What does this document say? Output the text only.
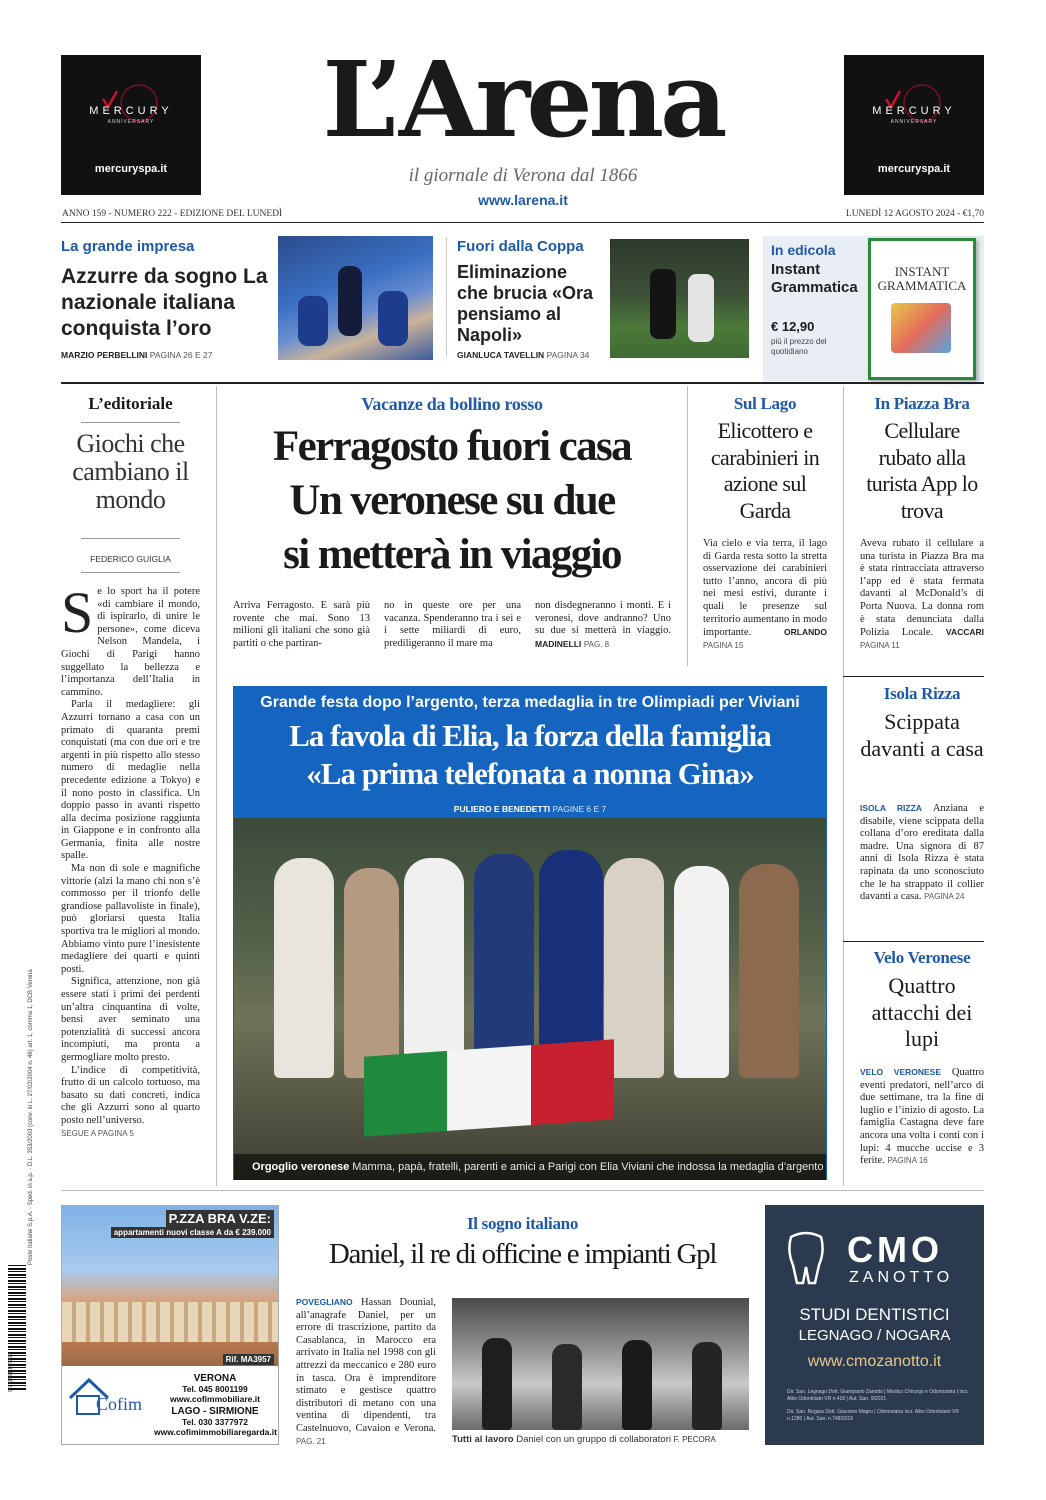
MERCURY
ANNIVERSARY
mercuryspa.it
MERCURY
ANNIVERSARY
mercuryspa.it
L’Arena
il giornale di Verona dal 1866
www.larena.it
ANNO 159 - NUMERO 222 - EDIZIONE DEL LUNEDÌ	LUNEDÌ 12 AGOSTO 2024 - €1,70
La grande impresa
Azzurre da sogno La nazionale italiana conquista l’oro
MARZIO PERBELLINI PAGINA 26 E 27
Fuori dalla Coppa
Eliminazione che brucia «Ora pensiamo al Napoli»
GIANLUCA TAVELLIN PAGINA 34
In edicola
Instant Grammatica
€ 12,90
più il prezzo del quotidiano
INSTANT GRAMMATICA
L’editoriale
Giochi che cambiano il mondo
FEDERICO GUIGLIA
S e lo sport ha il potere «di cambiare il mondo, di ispirarlo, di unire le persone», come diceva Nelson Mandela, i Giochi di Parigi hanno suggellato la bellezza e l’importanza dell’Italia in cammino.

Parla il medagliere: gli Azzurri tornano a casa con un primato di quaranta premi conquistati (ma con due ori e tre argenti in più rispetto allo stesso numero di medaglie nella precedente edizione a Tokyo) e il nono posto in classifica. Un doppio passo in avanti rispetto alla decima posizione raggiunta in Giappone e in confronto alla Germania, finita alle nostre spalle.

Ma non di sole e magnifiche vittorie (alzi la mano chi non s’è commosso per il trionfo delle grandiose pallavoliste in finale), può gloriarsi questa Italia sportiva tra le migliori al mondo. Abbiamo vinto pure l’inesistente medagliere dei quarti e quinti posti.

Significa, attenzione, non già essere stati i primi dei perdenti un’altra cinquantina di volte, bensì aver seminato una potenzialità di successi ancora incompiuti, ma pronta a germogliare molto presto.

L’indice di competitività, frutto di un calcolo tortuoso, ma basato su dati concreti, indica che gli Azzurri sono al quarto posto nell’universo.

SEGUE A PAGINA 5

Vacanze da bollino rosso
Ferragosto fuori casa
Un veronese su due
si metterà in viaggio
Arriva Ferragosto. E sarà più rovente che mai. Sono 13 milioni gli italiani che sono già partiti o che partiran-
no in queste ore per una vacanza. Spenderanno tra i sei e i sette miliardi di euro, prediligeranno il mare ma
non disdegneranno i monti. E i veronesi, dove andranno? Uno su due si metterà in viaggio. MADINELLI PAG. 8
Sul Lago
Elicottero e carabinieri in azione sul Garda
Via cielo e via terra, il lago di Garda resta sotto la stretta osservazione dei carabinieri tutto l’anno, ancora di più nei mesi estivi, durante i quali le presenze sul territorio aumentano in modo importante.	ORLANDO PAGINA 15
In Piazza Bra
Cellulare rubato alla turista App lo trova
Aveva rubato il cellulare a una turista in Piazza Bra ma è stata rintracciata attraverso l’app ed è stata fermata davanti al McDonald’s di Porta Nuova. La donna rom è stata denunciata dalla Polizia Locale. VACCARI PAGINA 11
Grande festa dopo l’argento, terza medaglia in tre Olimpiadi per Viviani
La favola di Elia, la forza della famiglia
«La prima telefonata a nonna Gina»
PULIERO E BENEDETTI PAGINE 6 E 7
Orgoglio veronese Mamma, papà, fratelli, parenti e amici a Parigi con Elia Viviani che indossa la medaglia d’argento
Isola Rizza
Scippata davanti a casa
ISOLA RIZZA Anziana e disabile, viene scippata della collana d’oro ereditata dalla madre. Una signora di 87 anni di Isola Rizza è stata rapinata da uno sconosciuto che le ha strappato il collier davanti a casa. PAGINA 24
Velo Veronese
Quattro attacchi dei lupi
VELO VERONESE Quattro eventi predatori, nell’arco di due settimane, tra la fine di luglio e l’inizio di agosto. La famiglia Castagna deve fare ancora una volta i conti con i lupi: 4 mucche uccise e 3 ferite. PAGINA 16
P.ZZA BRA V.ZE:
appartamenti nuovi classe A da € 239.000
Rif. MA3957
Cofim
VERONA
Tel. 045 8001199
www.cofimmobiliare.it
LAGO - SIRMIONE
Tel. 030 3377972
www.cofimimmobiliaregarda.it
Il sogno italiano
Daniel, il re di officine e impianti Gpl
POVEGLIANO Hassan Dounial, all’anagrafe Daniel, per un errore di trascrizione, partito da Casablanca, in Marocco era arrivato in Italia nel 1998 con gli attrezzi da meccanico e 280 euro in tasca. Ora è imprenditore stimato e gestisce quattro distributori di metano con una ventina di dipendenti, tra Castelnuovo, Cavaion e Verona. PAG. 21	Tutti al lavoro Daniel con un gruppo di collaboratori F. PECORA
CMO
ZANOTTO
STUDI DENTISTICI
LEGNAGO / NOGARA
www.cmozanotto.it
Dir. San. Legnago Dott. Giampaolo Zanotto | Medico Chirurgo e Odontoiatra | Iscr. Albo Odontoiatri VR n.418 | Aut. San. 9/2021
Dir. San. Nogara Dott. Giacomo Magro | Odontoiatra Iscr. Albo Odontoiatri VR n.1280 | Aut. San. n.748/2019
Poste Italiane S.p.A. - Sped. in a.p. - D.L. 353/2003 (conv. in L. 27/02/2004 n. 46) art. 1, comma 1, DCB Verona
9 771591 147009
